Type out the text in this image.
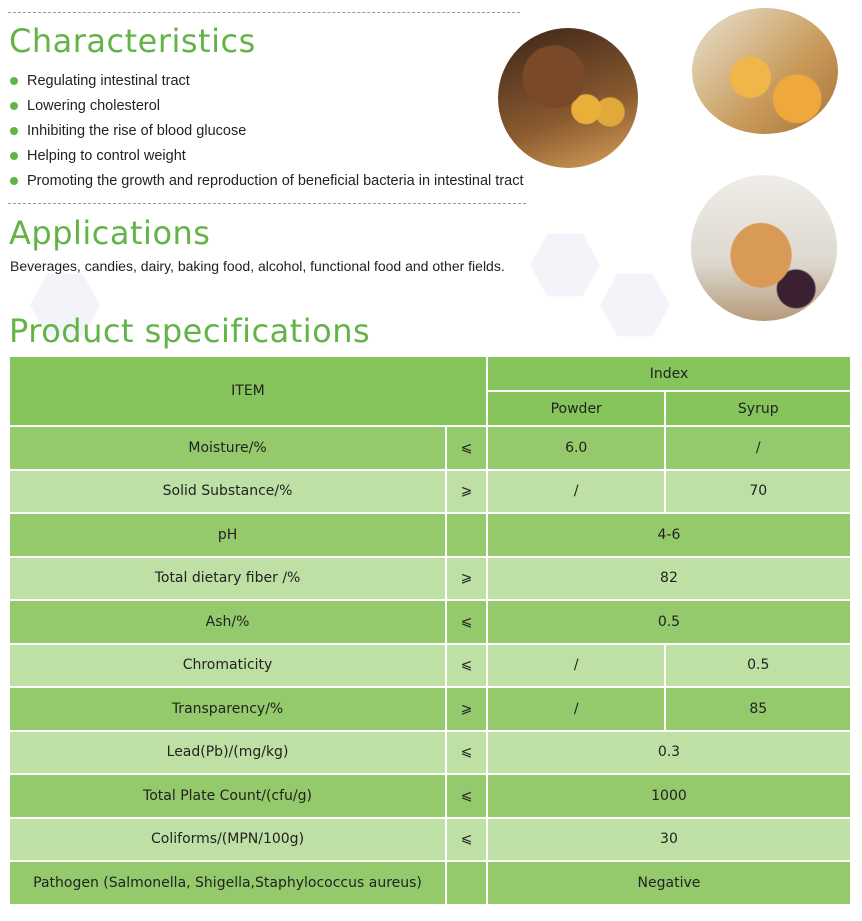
Characteristics
Regulating intestinal tract
Lowering cholesterol
Inhibiting the rise of blood glucose
Helping to control weight
Promoting the growth and reproduction of beneficial bacteria in intestinal tract
Applications
Beverages, candies, dairy, baking food, alcohol, functional food and other fields.
Product specifications
ITEM		Index	
		Powder	Syrup
Moisture/%	⩽	6.0	/
Solid Substance/%	⩾	/	70
pH		4-6	
Total dietary fiber /%	⩾	82	
Ash/%	⩽	0.5	
Chromaticity	⩽	/	0.5
Transparency/%	⩾	/	85
Lead(Pb)/(mg/kg)	⩽	0.3	
Total Plate Count/(cfu/g)	⩽	1000	
Coliforms/(MPN/100g)	⩽	30	
Pathogen (Salmonella, Shigella,Staphylococcus aureus)		Negative	
